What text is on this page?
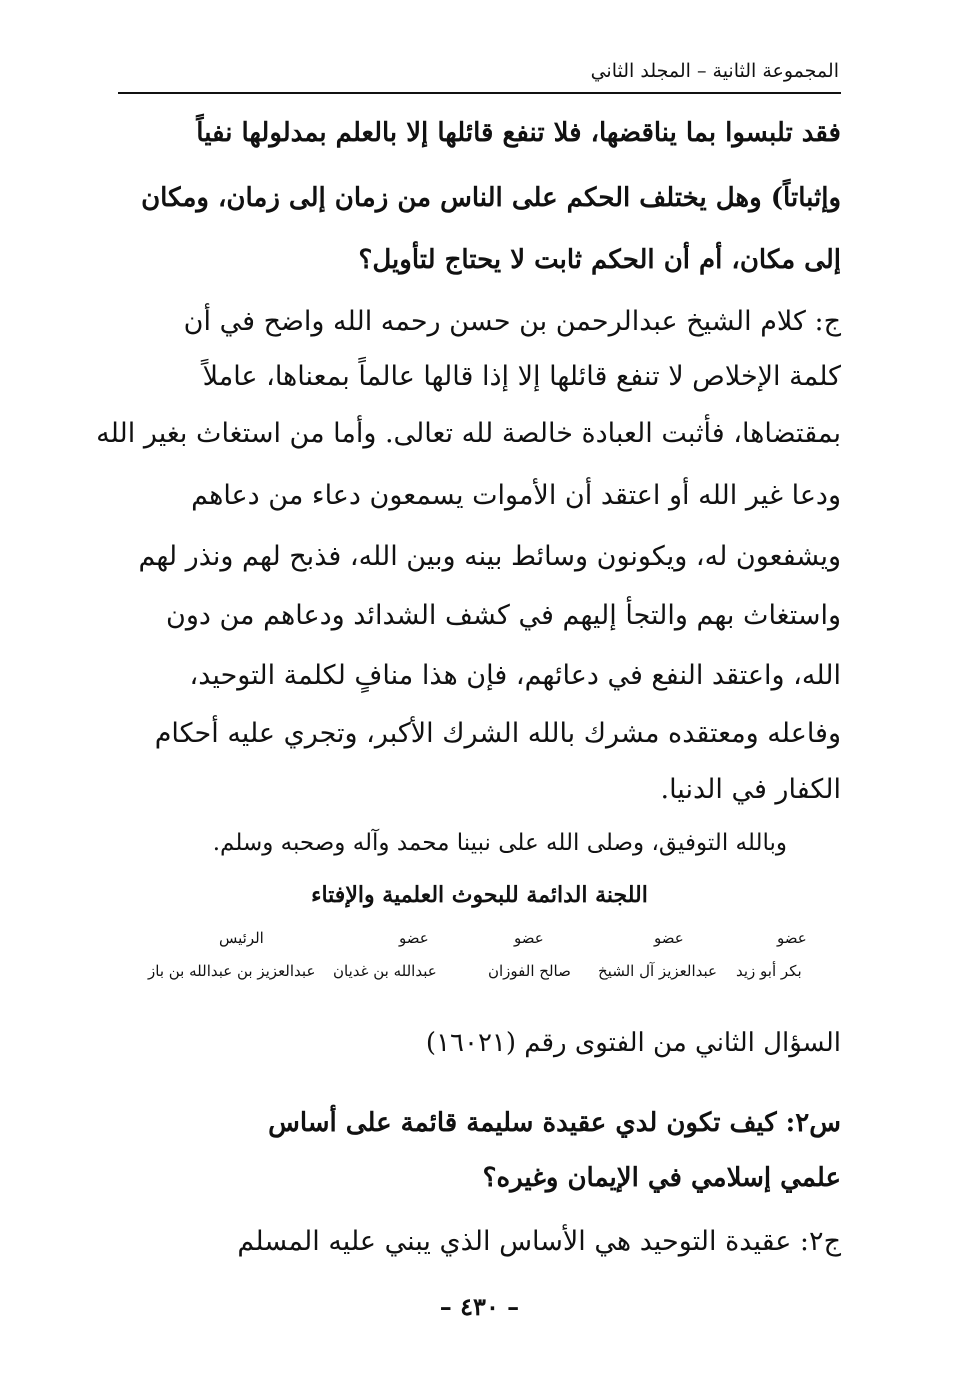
المجموعة الثانية – المجلد الثاني
فقد تلبسوا بما يناقضها، فلا تنفع قائلها إلا بالعلم بمدلولها نفياً
وإثباتاً) وهل يختلف الحكم على الناس من زمان إلى زمان، ومكان
إلى مكان، أم أن الحكم ثابت لا يحتاج لتأويل؟
ج: كلام الشيخ عبدالرحمن بن حسن رحمه الله واضح في أن
كلمة الإخلاص لا تنفع قائلها إلا إذا قالها عالماً بمعناها، عاملاً
بمقتضاها، فأثبت العبادة خالصة لله تعالى. وأما من استغاث بغير الله
ودعا غير الله أو اعتقد أن الأموات يسمعون دعاء من دعاهم
ويشفعون له، ويكونون وسائط بينه وبين الله، فذبح لهم ونذر لهم
واستغاث بهم والتجأ إليهم في كشف الشدائد ودعاهم من دون
الله، واعتقد النفع في دعائهم، فإن هذا منافٍ لكلمة التوحيد،
وفاعله ومعتقده مشرك بالله الشرك الأكبر، وتجري عليه أحكام
الكفار في الدنيا.
وبالله التوفيق، وصلى الله على نبينا محمد وآله وصحبه وسلم.
اللجنة الدائمة للبحوث العلمية والإفتاء
عضو
عضو
عضو
عضو
الرئيس
بكر أبو زيد
عبدالعزيز آل الشيخ
صالح الفوزان
عبدالله بن غديان
عبدالعزيز بن عبدالله بن باز
السؤال الثاني من الفتوى رقم (١٦٠٢١)
س٢: كيف تكون لدي عقيدة سليمة قائمة على أساس
علمي إسلامي في الإيمان وغيره؟
ج٢: عقيدة التوحيد هي الأساس الذي يبني عليه المسلم
– ٤٣٠ –
